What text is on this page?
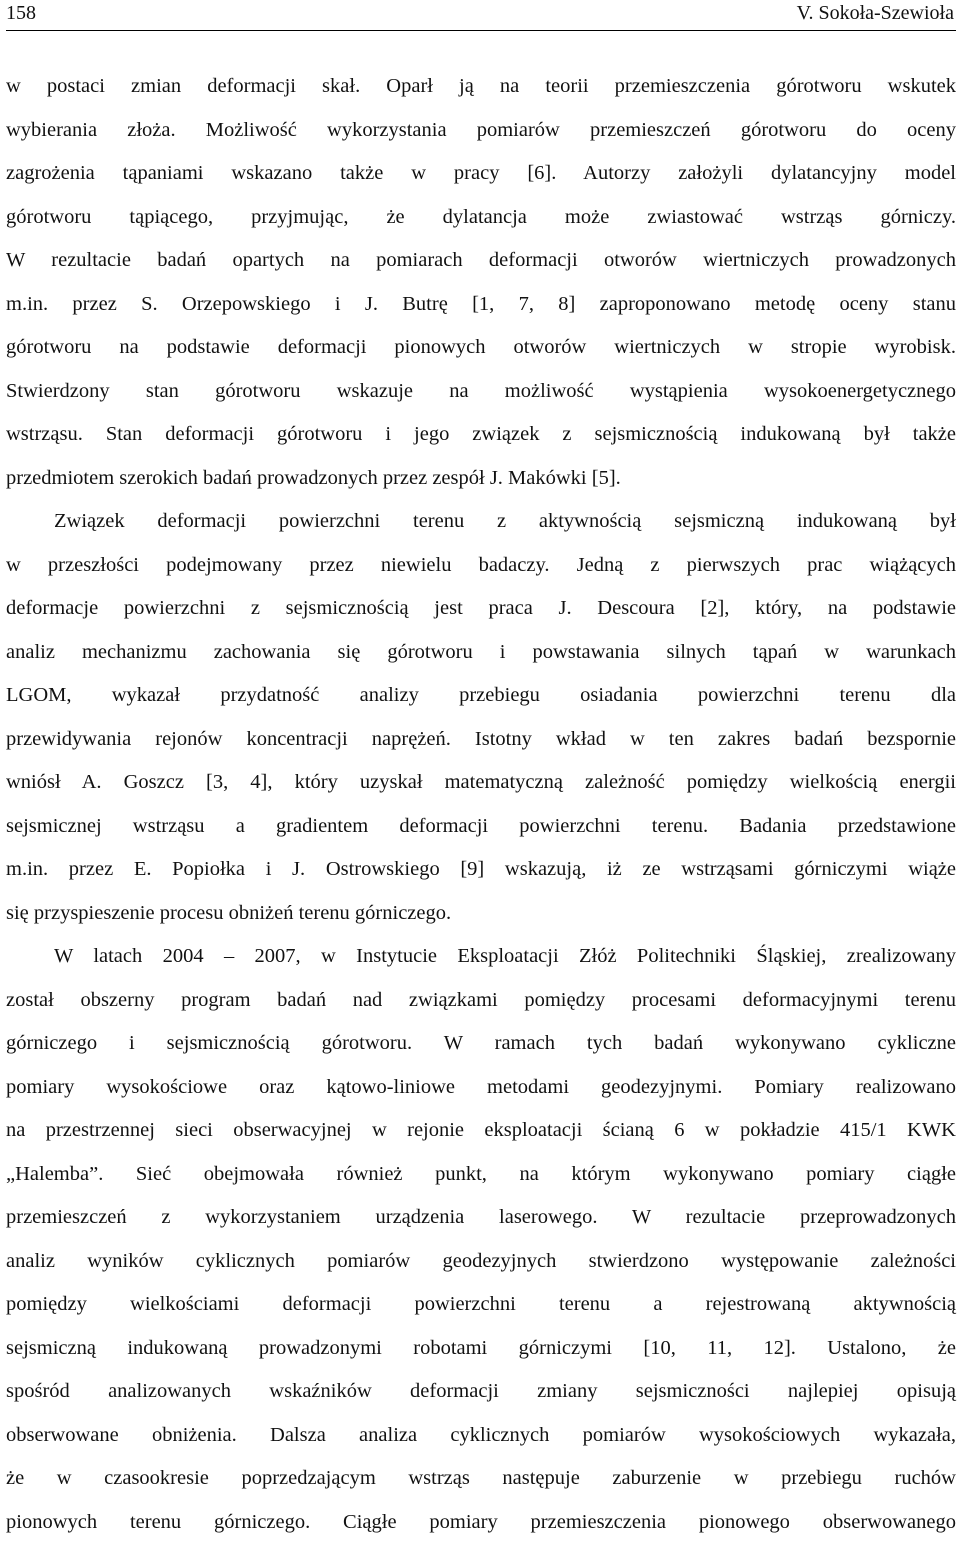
158	V. Sokoła-Szewioła
w postaci zmian deformacji skał. Oparł ją na teorii przemieszczenia górotworu wskutek
wybierania złoża. Możliwość wykorzystania pomiarów przemieszczeń górotworu do oceny
zagrożenia tąpaniami wskazano także w pracy [6]. Autorzy założyli dylatancyjny model
górotworu tąpiącego, przyjmując, że dylatancja może zwiastować wstrząs górniczy.
W rezultacie badań opartych na pomiarach deformacji otworów wiertniczych prowadzonych
m.in. przez S. Orzepowskiego i J. Butrę [1, 7, 8] zaproponowano metodę oceny stanu
górotworu na podstawie deformacji pionowych otworów wiertniczych w stropie wyrobisk.
Stwierdzony stan górotworu wskazuje na możliwość wystąpienia wysokoenergetycznego
wstrząsu. Stan deformacji górotworu i jego związek z sejsmicznością indukowaną był także
przedmiotem szerokich badań prowadzonych przez zespół J. Makówki [5].
Związek deformacji powierzchni terenu z aktywnością sejsmiczną indukowaną był
w przeszłości podejmowany przez niewielu badaczy. Jedną z pierwszych prac wiążących
deformacje powierzchni z sejsmicznością jest praca J. Descoura [2], który, na podstawie
analiz mechanizmu zachowania się górotworu i powstawania silnych tąpań w warunkach
LGOM, wykazał przydatność analizy przebiegu osiadania powierzchni terenu dla
przewidywania rejonów koncentracji naprężeń. Istotny wkład w ten zakres badań bezspornie
wniósł A. Goszcz [3, 4], który uzyskał matematyczną zależność pomiędzy wielkością energii
sejsmicznej wstrząsu a gradientem deformacji powierzchni terenu. Badania przedstawione
m.in. przez E. Popiołka i J. Ostrowskiego [9] wskazują, iż ze wstrząsami górniczymi wiąże
się przyspieszenie procesu obniżeń terenu górniczego.
W latach 2004 – 2007, w Instytucie Eksploatacji Złóż Politechniki Śląskiej, zrealizowany
został obszerny program badań nad związkami pomiędzy procesami deformacyjnymi terenu
górniczego i sejsmicznością górotworu. W ramach tych badań wykonywano cykliczne
pomiary wysokościowe oraz kątowo-liniowe metodami geodezyjnymi. Pomiary realizowano
na przestrzennej sieci obserwacyjnej w rejonie eksploatacji ścianą 6 w pokładzie 415/1 KWK
„Halemba”. Sieć obejmowała również punkt, na którym wykonywano pomiary ciągłe
przemieszczeń z wykorzystaniem urządzenia laserowego. W rezultacie przeprowadzonych
analiz wyników cyklicznych pomiarów geodezyjnych stwierdzono występowanie zależności
pomiędzy wielkościami deformacji powierzchni terenu a rejestrowaną aktywnością
sejsmiczną indukowaną prowadzonymi robotami górniczymi [10, 11, 12]. Ustalono, że
spośród analizowanych wskaźników deformacji zmiany sejsmiczności najlepiej opisują
obserwowane obniżenia. Dalsza analiza cyklicznych pomiarów wysokościowych wykazała,
że w czasookresie poprzedzającym wstrząs następuje zaburzenie w przebiegu ruchów
pionowych terenu górniczego. Ciągłe pomiary przemieszczenia pionowego obserwowanego
